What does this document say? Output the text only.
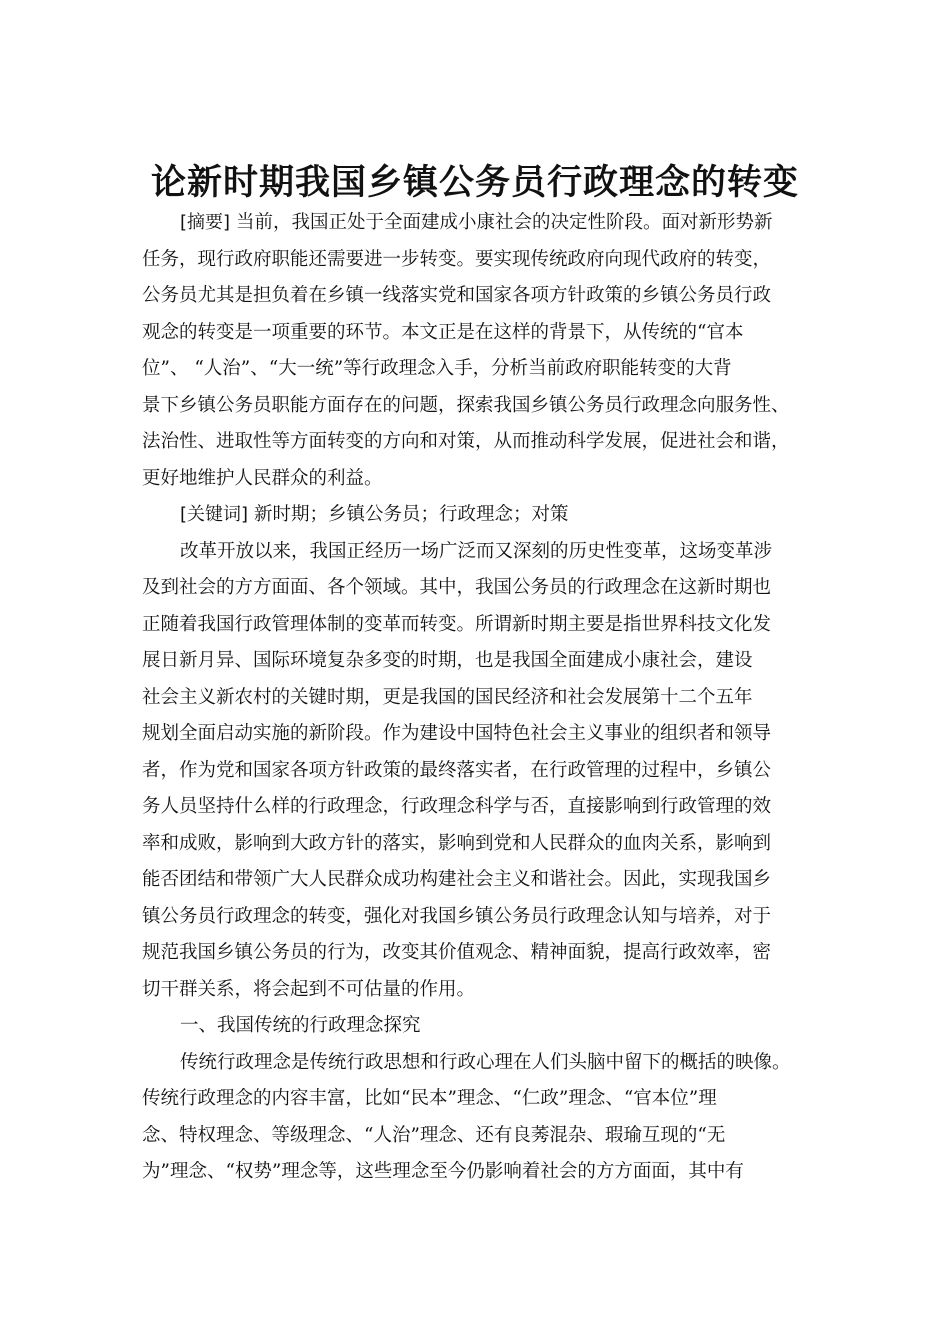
论新时期我国乡镇公务员行政理念的转变
[摘要] 当前，我国正处于全面建成小康社会的决定性阶段。面对新形势新
任务，现行政府职能还需要进一步转变。要实现传统政府向现代政府的转变，
公务员尤其是担负着在乡镇一线落实党和国家各项方针政策的乡镇公务员行政
观念的转变是一项重要的环节。本文正是在这样的背景下，从传统的“官本
位”、 “人治”、“大一统”等行政理念入手，分析当前政府职能转变的大背
景下乡镇公务员职能方面存在的问题，探索我国乡镇公务员行政理念向服务性、
法治性、进取性等方面转变的方向和对策，从而推动科学发展，促进社会和谐，
更好地维护人民群众的利益。
[关键词] 新时期；乡镇公务员；行政理念；对策
改革开放以来，我国正经历一场广泛而又深刻的历史性变革，这场变革涉
及到社会的方方面面、各个领域。其中，我国公务员的行政理念在这新时期也
正随着我国行政管理体制的变革而转变。所谓新时期主要是指世界科技文化发
展日新月异、国际环境复杂多变的时期，也是我国全面建成小康社会，建设
社会主义新农村的关键时期，更是我国的国民经济和社会发展第十二个五年
规划全面启动实施的新阶段。作为建设中国特色社会主义事业的组织者和领导
者，作为党和国家各项方针政策的最终落实者，在行政管理的过程中，乡镇公
务人员坚持什么样的行政理念，行政理念科学与否，直接影响到行政管理的效
率和成败，影响到大政方针的落实，影响到党和人民群众的血肉关系，影响到
能否团结和带领广大人民群众成功构建社会主义和谐社会。因此，实现我国乡
镇公务员行政理念的转变，强化对我国乡镇公务员行政理念认知与培养，对于
规范我国乡镇公务员的行为，改变其价值观念、精神面貌，提高行政效率，密
切干群关系，将会起到不可估量的作用。
一、我国传统的行政理念探究
传统行政理念是传统行政思想和行政心理在人们头脑中留下的概括的映像。
传统行政理念的内容丰富，比如“民本”理念、“仁政”理念、“官本位”理
念、特权理念、等级理念、“人治”理念、还有良莠混杂、瑕瑜互现的“无
为”理念、“权势”理念等，这些理念至今仍影响着社会的方方面面，其中有
